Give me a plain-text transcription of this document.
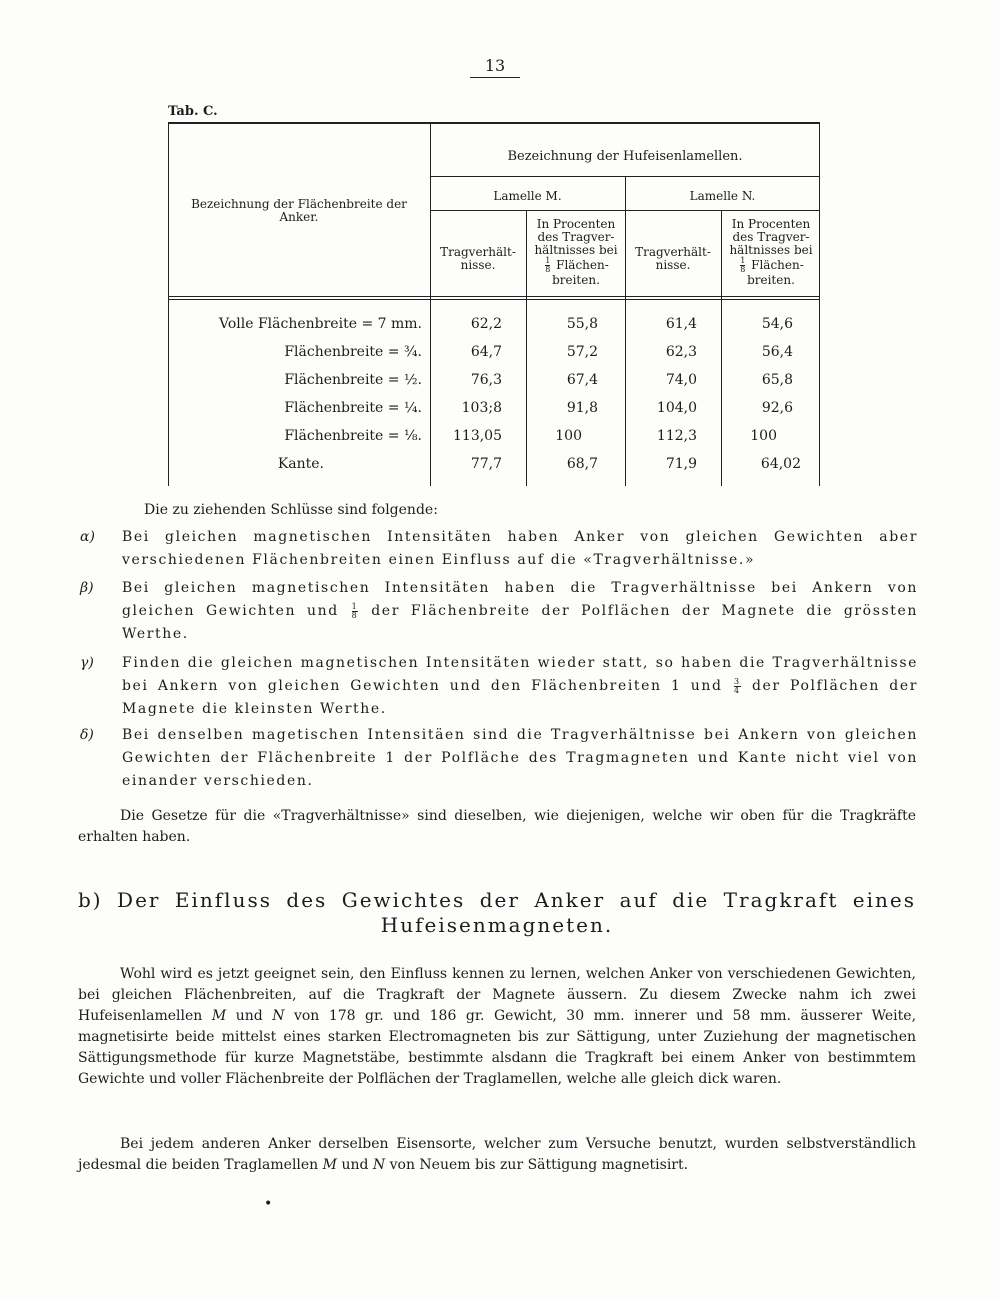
13
Tab. C.
Bezeichnung der Flächenbreite der Anker.
Bezeichnung der Hufeisenlamellen.
Lamelle M.	Lamelle N.
Tragverhält-nisse.
In Procenten des Tragver-hältnisses bei

$\frac{1}{8}$ Flächen-breiten.
Tragverhält-nisse.
In Procenten des Tragver-hältnisses bei

$\frac{1}{8}$ Flächen-breiten.
Volle Flächenbreite = 7 mm.	62,2	55,8	61,4	54,6
Flächenbreite = ¾.	64,7	57,2	62,3	56,4
Flächenbreite = ½.	76,3	67,4	74,0	65,8
Flächenbreite = ¼.	103;8	91,8	104,0	92,6
Flächenbreite = ⅛.	113,05	100	112,3	100
Kante.	77,7	68,7	71,9	64,02
Die zu ziehenden Schlüsse sind folgende:
α) Bei gleichen magnetischen Intensitäten haben Anker von gleichen Gewichten aber verschiedenen Flächenbreiten einen Einfluss auf die «Tragverhältnisse.»
β) Bei gleichen magnetischen Intensitäten haben die Tragverhältnisse bei Ankern von gleichen Gewichten und $\frac{1}{8}$ der Flächenbreite der Polflächen der Magnete die grössten Werthe.
γ) Finden die gleichen magnetischen Intensitäten wieder statt, so haben die Tragverhältnisse bei Ankern von gleichen Gewichten und den Flächenbreiten 1 und $\frac{3}{4}$ der Polflächen der Magnete die kleinsten Werthe.
δ) Bei denselben magetischen Intensitäen sind die Tragverhältnisse bei Ankern von gleichen Gewichten der Flächenbreite 1 der Polfläche des Tragmagneten und Kante nicht viel von einander verschieden.
Die Gesetze für die «Tragverhältnisse» sind dieselben, wie diejenigen, welche wir oben für die Tragkräfte erhalten haben.
b) Der Einfluss des Gewichtes der Anker auf die Tragkraft eines
Hufeisenmagneten.
Wohl wird es jetzt geeignet sein, den Einfluss kennen zu lernen, welchen Anker von verschiedenen Gewichten, bei gleichen Flächenbreiten, auf die Tragkraft der Magnete äussern. Zu diesem Zwecke nahm ich zwei Hufeisenlamellen M und N von 178 gr. und 186 gr. Gewicht, 30 mm. innerer und 58 mm. äusserer Weite, magnetisirte beide mittelst eines starken Electromagneten bis zur Sättigung, unter Zuziehung der magnetischen Sättigungsmethode für kurze Magnetstäbe, bestimmte alsdann die Tragkraft bei einem Anker von bestimmtem Gewichte und voller Flächenbreite der Polflächen der Traglamellen, welche alle gleich dick waren.
Bei jedem anderen Anker derselben Eisensorte, welcher zum Versuche benutzt, wurden selbstverständlich jedesmal die beiden Traglamellen M und N von Neuem bis zur Sättigung magnetisirt.
•
